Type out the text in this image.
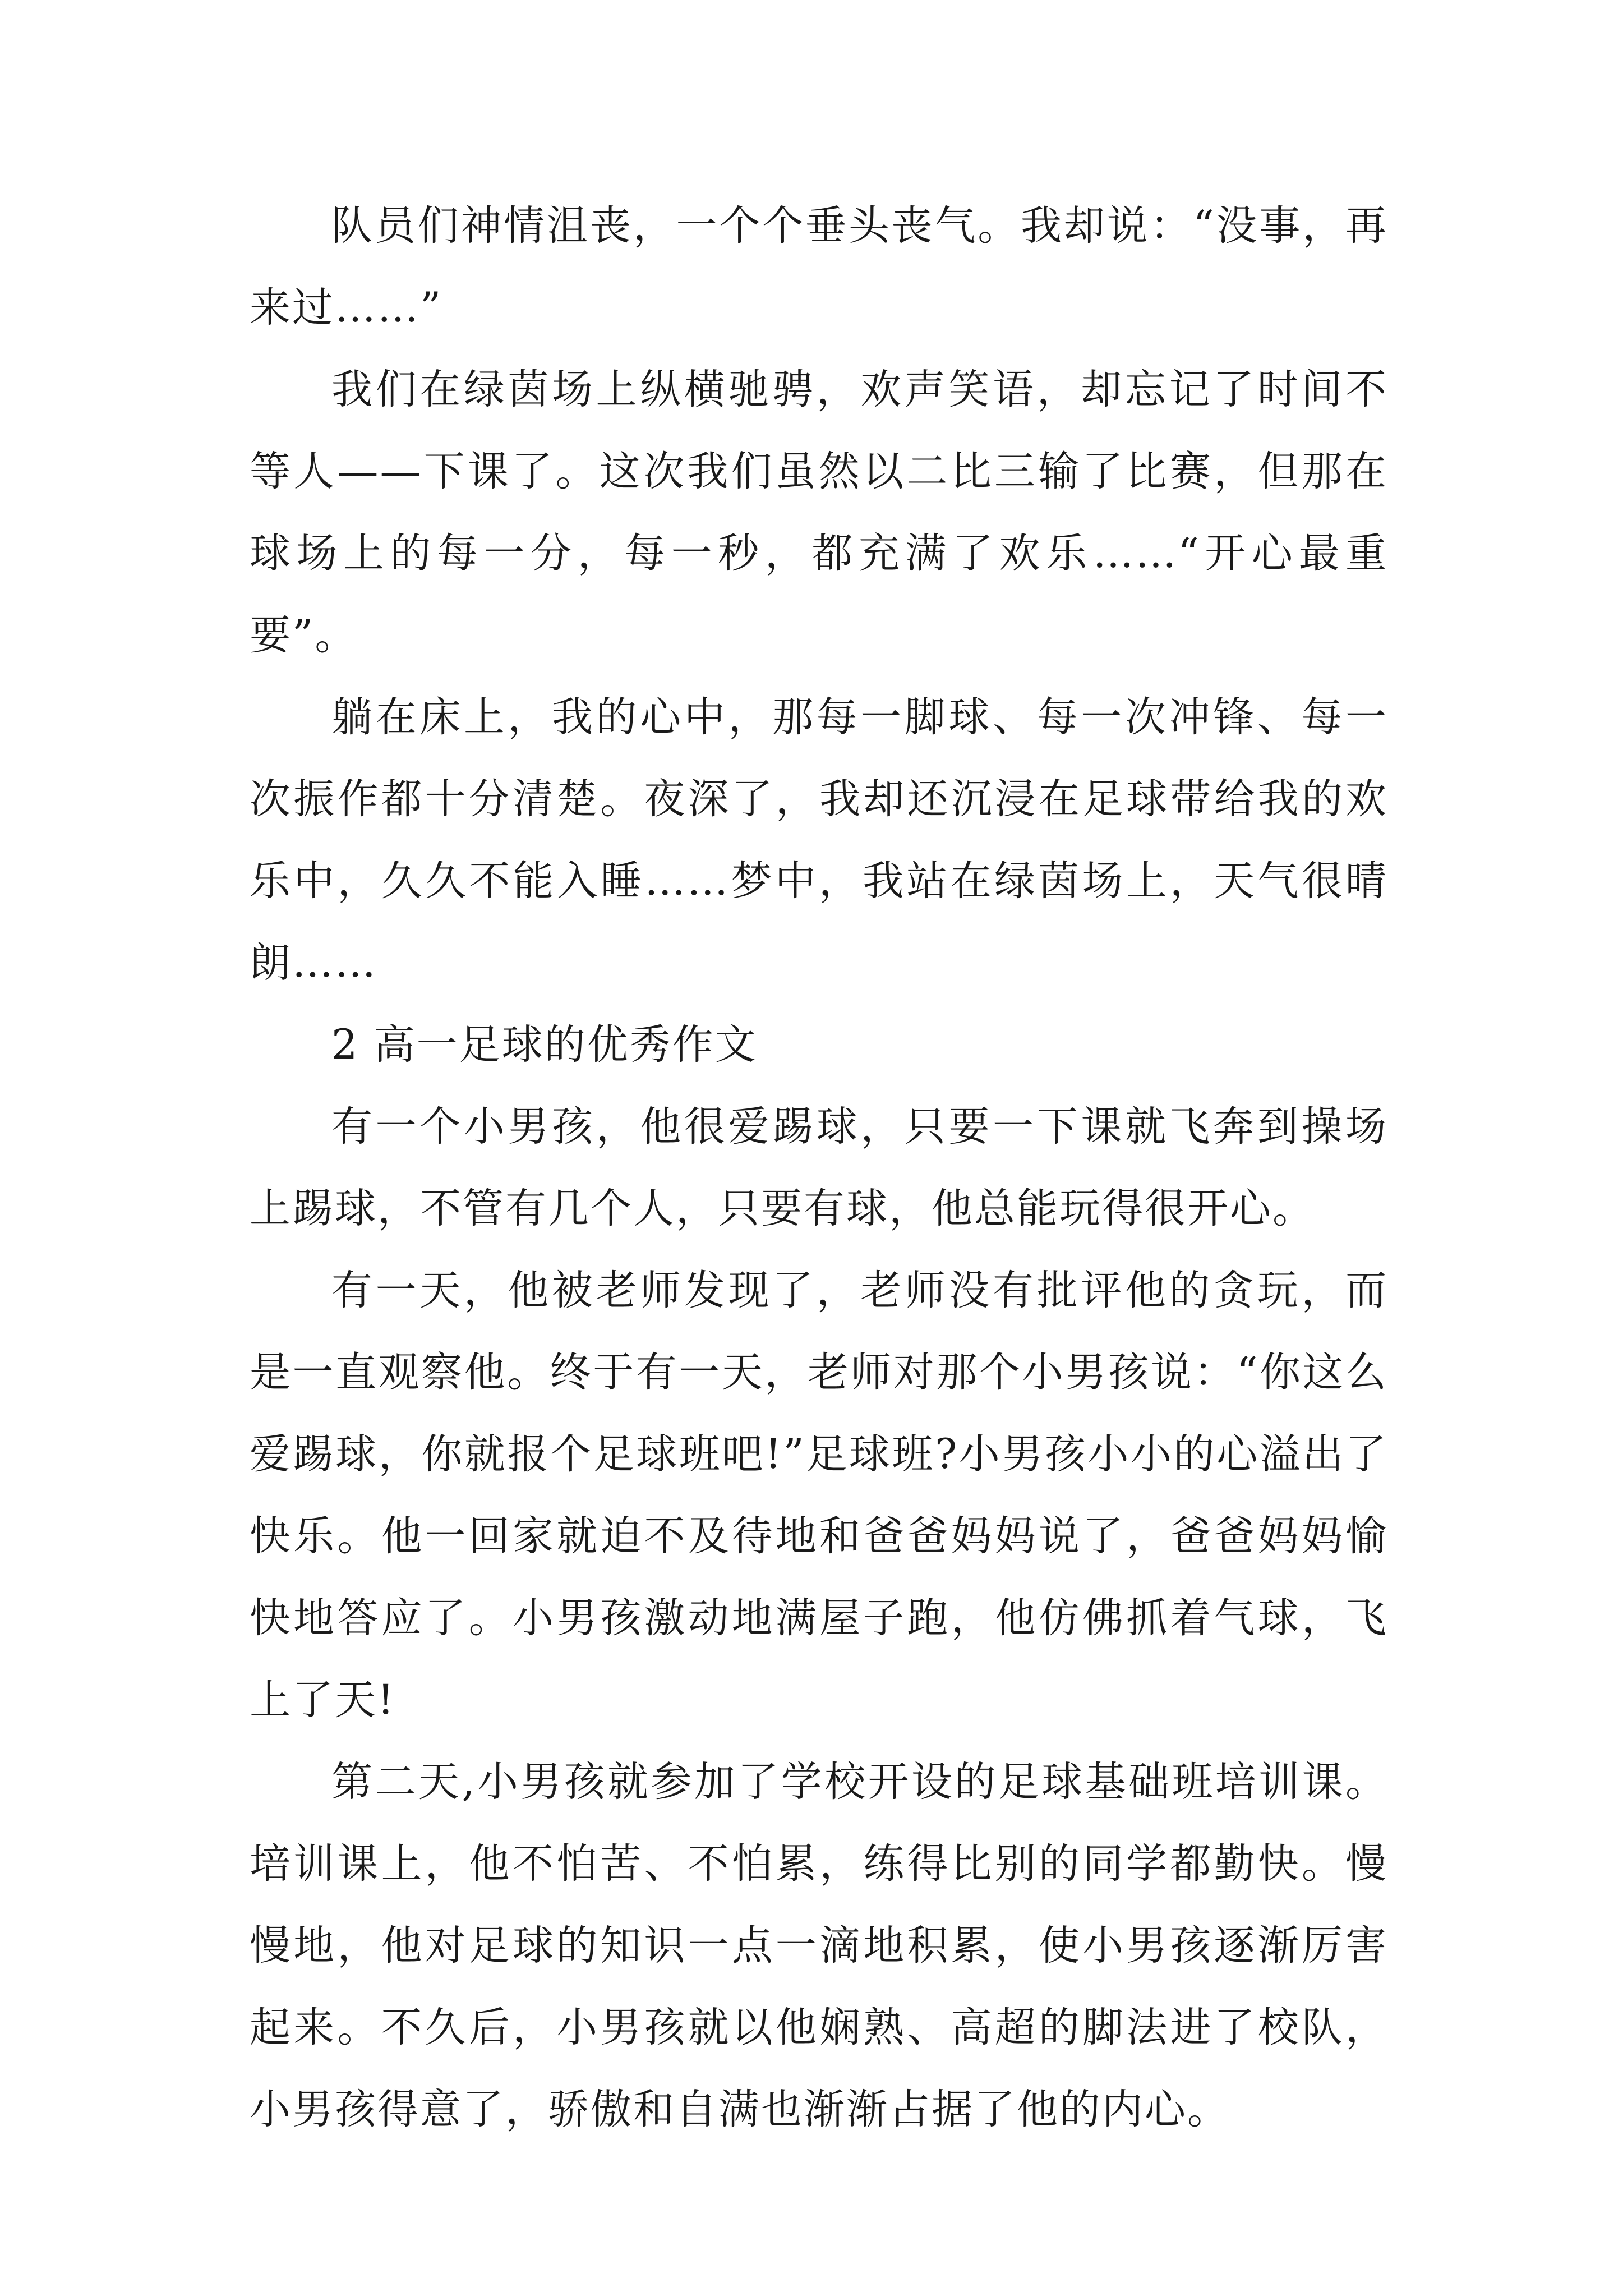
队员们神情沮丧，一个个垂头丧气。我却说：“没事，再来过……”

我们在绿茵场上纵横驰骋，欢声笑语，却忘记了时间不等人——下课了。这次我们虽然以二比三输了比赛，但那在球场上的每一分，每一秒，都充满了欢乐……“开心最重要”。

躺在床上，我的心中，那每一脚球、每一次冲锋、每一次振作都十分清楚。夜深了，我却还沉浸在足球带给我的欢乐中，久久不能入睡……梦中，我站在绿茵场上，天气很晴朗……

2 高一足球的优秀作文

有一个小男孩，他很爱踢球，只要一下课就飞奔到操场上踢球，不管有几个人，只要有球，他总能玩得很开心。

有一天，他被老师发现了，老师没有批评他的贪玩，而是一直观察他。终于有一天，老师对那个小男孩说：“你这么爱踢球，你就报个足球班吧!”足球班?小男孩小小的心溢出了快乐。他一回家就迫不及待地和爸爸妈妈说了，爸爸妈妈愉快地答应了。小男孩激动地满屋子跑，他仿佛抓着气球，飞上了天!

第二天,小男孩就参加了学校开设的足球基础班培训课。培训课上，他不怕苦、不怕累，练得比别的同学都勤快。慢慢地，他对足球的知识一点一滴地积累，使小男孩逐渐厉害起来。不久后，小男孩就以他娴熟、高超的脚法进了校队，小男孩得意了，骄傲和自满也渐渐占据了他的内心。
